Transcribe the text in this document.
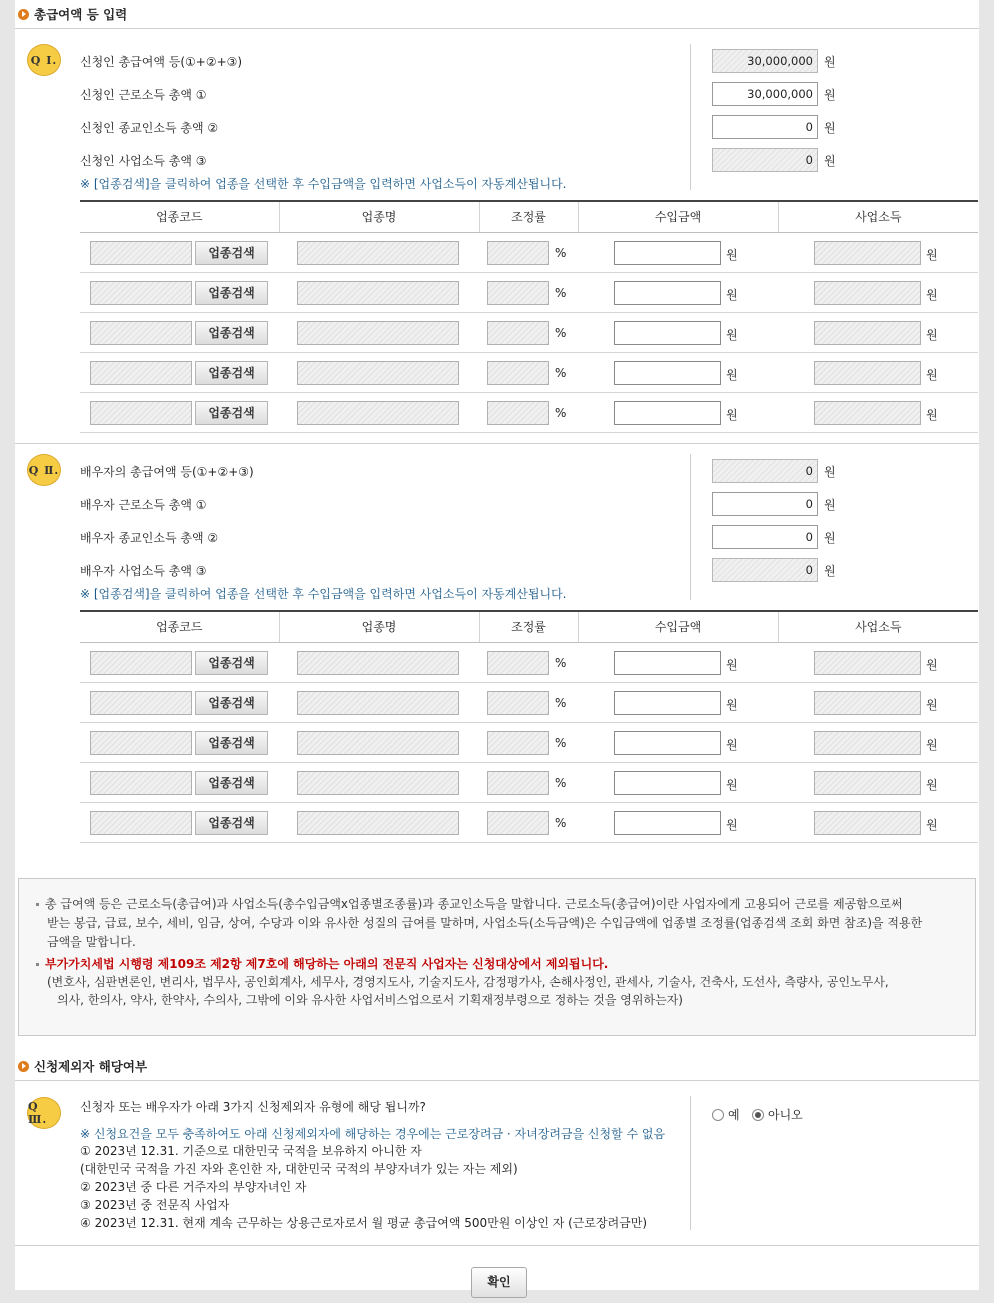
총급여액 등 입력
Q Ⅰ.	신청인 총급여액 등(①+②+③)	30,000,000 원
신청인 근로소득 총액 ①	30,000,000 원
신청인 종교인소득 총액 ②	0 원
신청인 사업소득 총액 ③	0 원
※ [업종검색]을 클릭하여 업종을 선택한 후 수입금액을 입력하면 사업소득이 자동계산됩니다.
업종코드	업종명	조정률	수입금액	사업소득

업종검색		%	원	원

업종검색		%	원	원

업종검색		%	원	원

업종검색		%	원	원

업종검색		%	원	원
Q Ⅱ. 배우자의 총급여액 등(①+②+③)	0 원
배우자 근로소득 총액 ①	0 원
배우자 종교인소득 총액 ②	0 원
배우자 사업소득 총액 ③	0 원
※ [업종검색]을 클릭하여 업종을 선택한 후 수입금액을 입력하면 사업소득이 자동계산됩니다.
업종코드	업종명	조정률	수입금액	사업소득

업종검색		%	원	원

업종검색		%	원	원

업종검색		%	원	원

업종검색		%	원	원

업종검색		%	원	원

총 급여액 등은 근로소득(총급여)과 사업소득(총수입금액x업종별조종률)과 종교인소득을 말합니다. 근로소득(총급여)이란 사업자에게 고용되어 근로를 제공함으로써

받는 봉급, 급료, 보수, 세비, 임금, 상여, 수당과 이와 유사한 성질의 급여를 말하며, 사업소득(소득금액)은 수입금액에 업종별 조정률(업종검색 조회 화면 참조)을 적용한

금액을 말합니다.

부가가치세법 시행령 제109조 제2항 제7호에 해당하는 아래의 전문직 사업자는 신청대상에서 제외됩니다.

(변호사, 심판변론인, 변리사, 법무사, 공인회계사, 세무사, 경영지도사, 기술지도사, 감정평가사, 손해사정인, 관세사, 기술사, 건축사, 도선사, 측량사, 공인노무사,

의사, 한의사, 약사, 한약사, 수의사, 그밖에 이와 유사한 사업서비스업으로서 기획재정부령으로 정하는 것을 영위하는자)

신청제외자 해당여부
Q Ⅲ.

신청자 또는 배우자가 아래 3가지 신청제외자 유형에 해당 됩니까?

※ 신청요건을 모두 충족하여도 아래 신청제외자에 해당하는 경우에는 근로장려금 · 자녀장려금을 신청할 수 없음

① 2023년 12.31. 기준으로 대한민국 국적을 보유하지 아니한 자

(대한민국 국적을 가진 자와 혼인한 자, 대한민국 국적의 부양자녀가 있는 자는 제외)

② 2023년 중 다른 거주자의 부양자녀인 자

③ 2023년 중 전문직 사업자

④ 2023년 12.31. 현재 계속 근무하는 상용근로자로서 월 평균 총급여액 500만원 이상인 자 (근로장려금만)

예 아니오
확인
